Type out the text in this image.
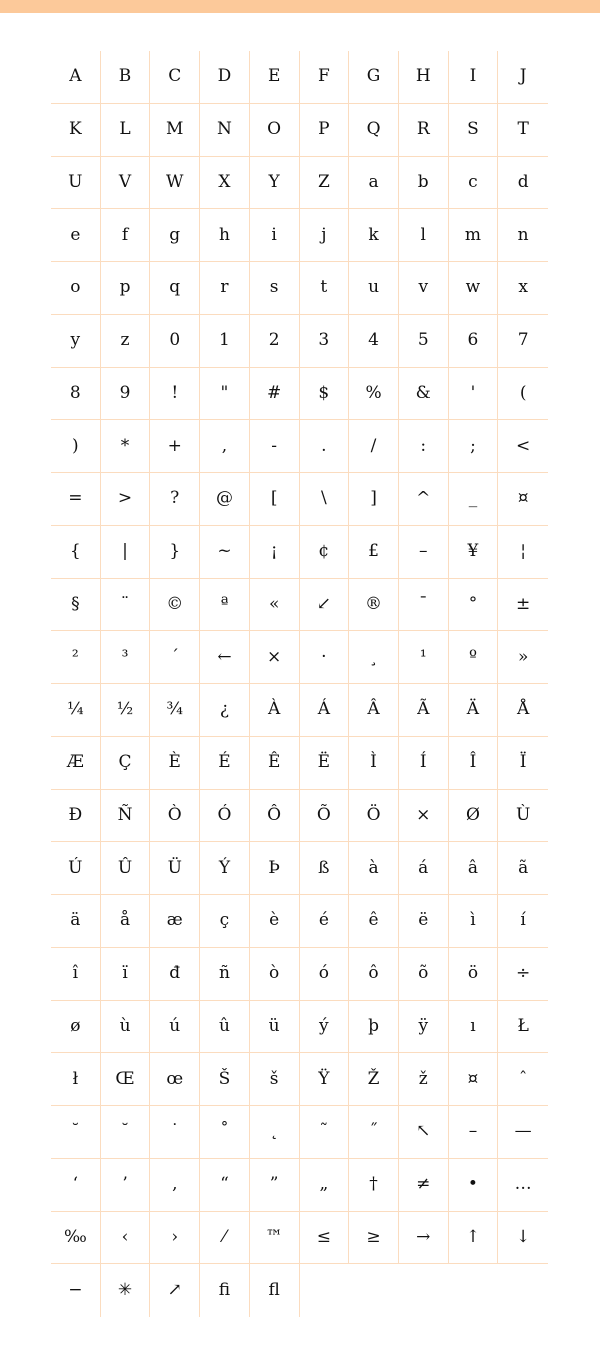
A	B	C	D	E	F	G	H	I	J
K	L	M	N	O	P	Q	R	S	T
U	V	W	X	Y	Z	a	b	c	d
e	f	g	h	i	j	k	l	m	n
o	p	q	r	s	t	u	v	w	x
y	z	0	1	2	3	4	5	6	7
8	9	!	"	#	$	%	&	'	(
)	*	+	,	-	.	/	:	;	<
=	>	?	@	[	\	]	^	_	¤
{	|	}	~	¡	¢	£	–	¥	¦
§	¨	©	ª	«	↙	®	¯	°	±
²	³	´	←	×	·	¸	¹	º	»
¼	½	¾	¿	À	Á	Â	Ã	Ä	Å
Æ	Ç	È	É	Ê	Ë	Ì	Í	Î	Ï
Ð	Ñ	Ò	Ó	Ô	Õ	Ö	×	Ø	Ù
Ú	Û	Ü	Ý	Þ	ß	à	á	â	ã
ä	å	æ	ç	è	é	ê	ë	ì	í
î	ï	đ	ñ	ò	ó	ô	õ	ö	÷
ø	ù	ú	û	ü	ý	þ	ÿ	ı	Ł
ł	Œ	œ	Š	š	Ÿ	Ž	ž	¤	ˆ
˘	˘	˙	˚	˛	˜	˝	↖	–	—
‘	’	‚	“	”	„	†	≠	•	…
‰	‹	›	⁄	™	≤	≥	→	↑	↓
−	✳	↗	ﬁ	ﬂ
